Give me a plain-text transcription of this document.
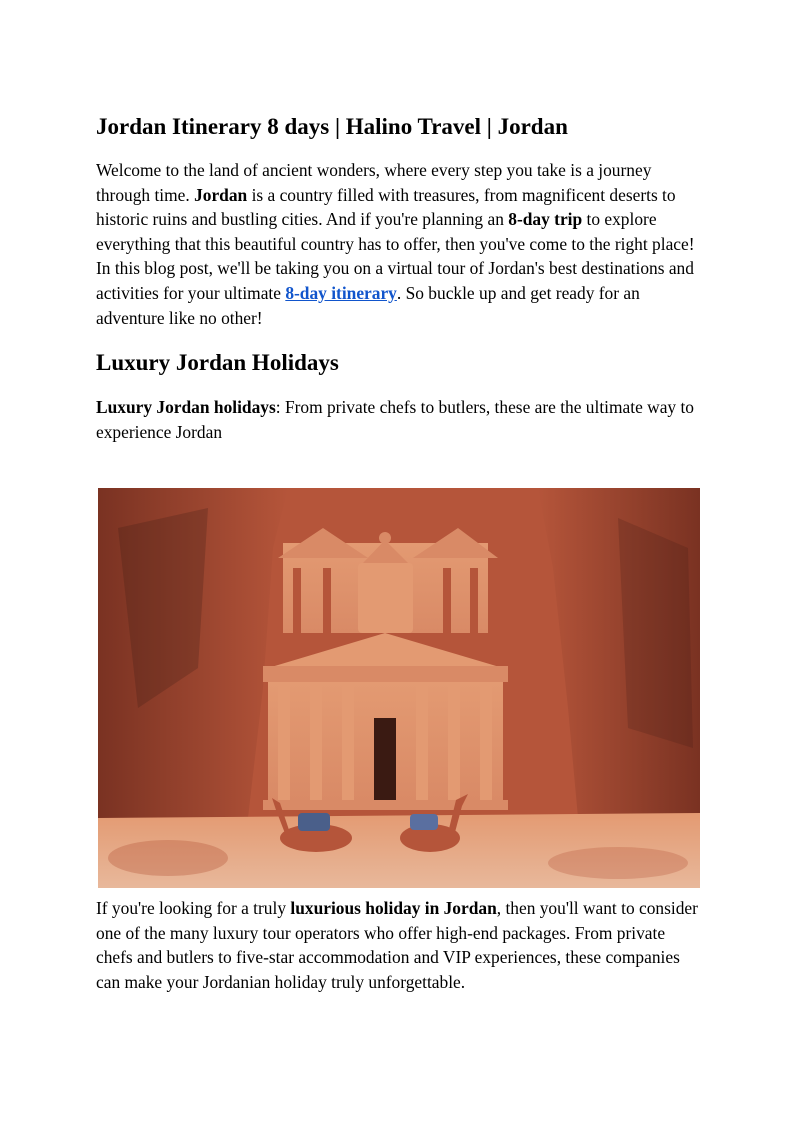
Jordan Itinerary 8 days | Halino Travel | Jordan

Welcome to the land of ancient wonders, where every step you take is a journey through time. Jordan is a country filled with treasures, from magnificent deserts to historic ruins and bustling cities. And if you're planning an 8-day trip to explore everything that this beautiful country has to offer, then you've come to the right place! In this blog post, we'll be taking you on a virtual tour of Jordan's best destinations and activities for your ultimate 8-day itinerary. So buckle up and get ready for an adventure like no other!

Luxury Jordan Holidays

Luxury Jordan holidays: From private chefs to butlers, these are the ultimate way to experience Jordan

If you're looking for a truly luxurious holiday in Jordan, then you'll want to consider one of the many luxury tour operators who offer high-end packages. From private chefs and butlers to five-star accommodation and VIP experiences, these companies can make your Jordanian holiday truly unforgettable.
